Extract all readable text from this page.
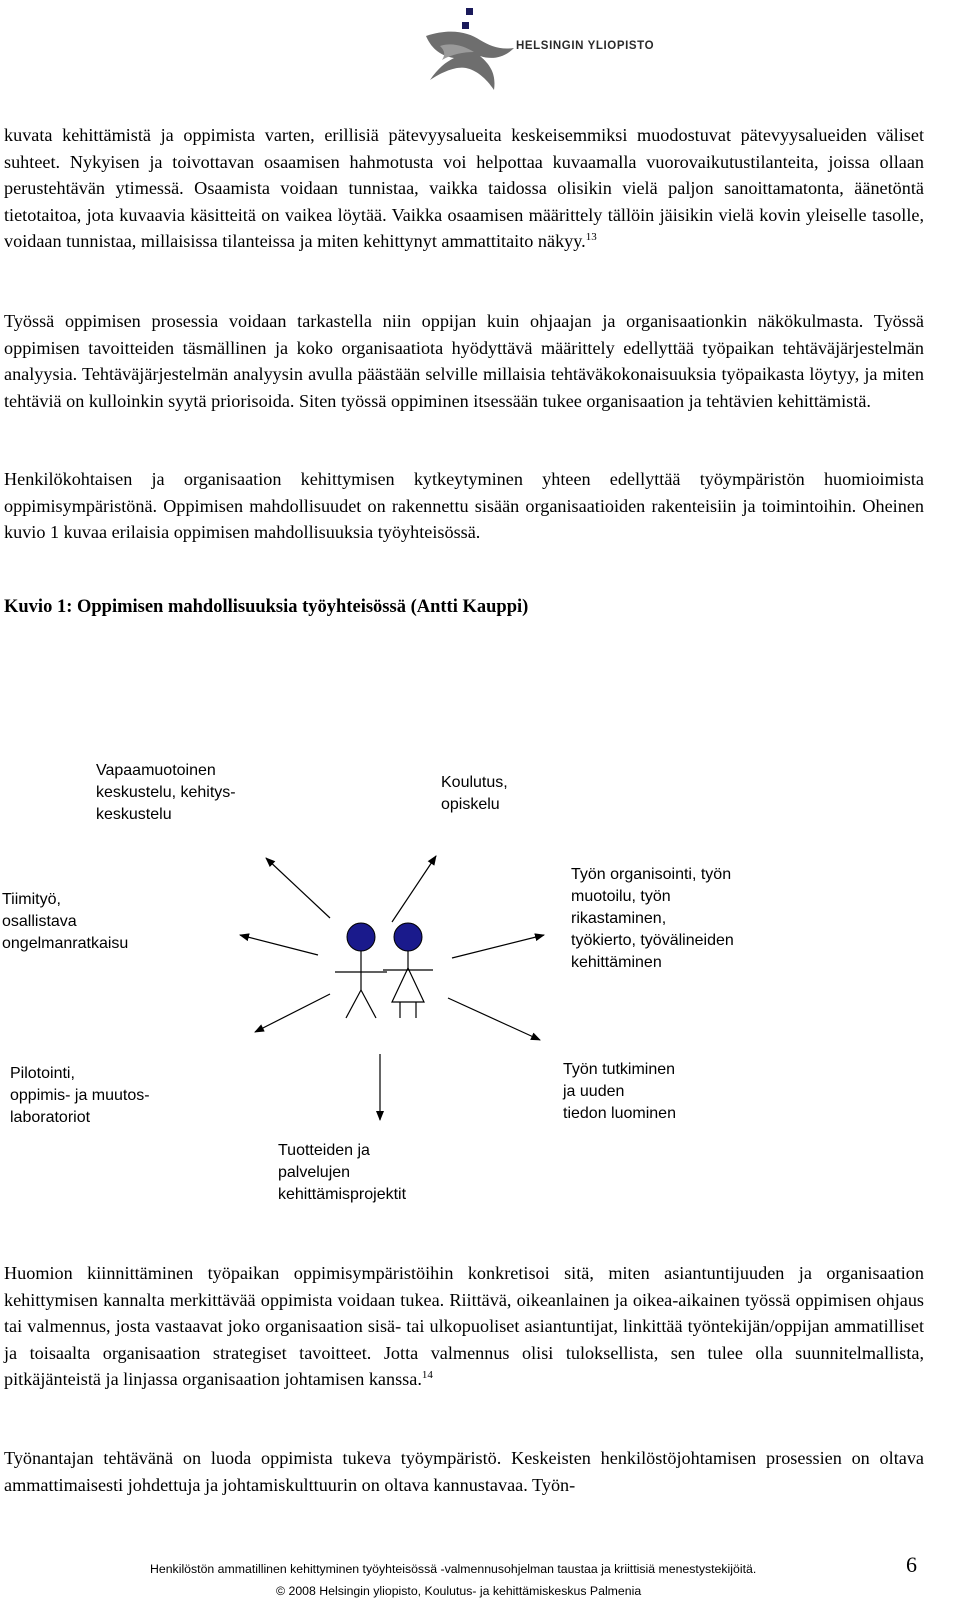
HELSINGIN YLIOPISTO

kuvata kehittämistä ja oppimista varten, erillisiä pätevyysalueita keskeisemmiksi muodostuvat pätevyysalueiden väliset suhteet. Nykyisen ja toivottavan osaamisen hahmotusta voi helpottaa kuvaamalla vuorovaikutustilanteita, joissa ollaan perustehtävän ytimessä. Osaamista voidaan tunnistaa, vaikka taidossa olisikin vielä paljon sanoittamatonta, äänetöntä tietotaitoa, jota kuvaavia käsitteitä on vaikea löytää. Vaikka osaamisen määrittely tällöin jäisikin vielä kovin yleiselle tasolle, voidaan tunnistaa, millaisissa tilanteissa ja miten kehittynyt ammattitaito näkyy.$^{13}$

Työssä oppimisen prosessia voidaan tarkastella niin oppijan kuin ohjaajan ja organisaationkin näkökulmasta. Työssä oppimisen tavoitteiden täsmällinen ja koko organisaatiota hyödyttävä määrittely edellyttää työpaikan tehtäväjärjestelmän analyysia. Tehtäväjärjestelmän analyysin avulla päästään selville millaisia tehtäväkokonaisuuksia työpaikasta löytyy, ja miten tehtäviä on kulloinkin syytä priorisoida. Siten työssä oppiminen itsessään tukee organisaation ja tehtävien kehittämistä.

Henkilökohtaisen ja organisaation kehittymisen kytkeytyminen yhteen edellyttää työympäristön huomioimista oppimisympäristönä. Oppimisen mahdollisuudet on rakennettu sisään organisaatioiden rakenteisiin ja toimintoihin. Oheinen kuvio 1 kuvaa erilaisia oppimisen mahdollisuuksia työyhteisössä.

Kuvio 1: Oppimisen mahdollisuuksia työyhteisössä (Antti Kauppi)

Vapaamuotoinen
keskustelu, kehitys-
keskustelu

Koulutus,
opiskelu

Tiimityö,
osallistava
ongelmanratkaisu

Työn organisointi, työn
muotoilu, työn
rikastaminen,
työkierto, työvälineiden
kehittäminen

Pilotointi,
oppimis- ja muutos-
laboratoriot

Työn tutkiminen
ja uuden
tiedon luominen

Tuotteiden ja
palvelujen
kehittämisprojektit

Huomion kiinnittäminen työpaikan oppimisympäristöihin konkretisoi sitä, miten asiantuntijuuden ja organisaation kehittymisen kannalta merkittävää oppimista voidaan tukea. Riittävä, oikeanlainen ja oikea-aikainen työssä oppimisen ohjaus tai valmennus, josta vastaavat joko organisaation sisä- tai ulkopuoliset asiantuntijat, linkittää työntekijän/oppijan ammatilliset ja toisaalta organisaation strategiset tavoitteet. Jotta valmennus olisi tuloksellista, sen tulee olla suunnitelmallista, pitkäjänteistä ja linjassa organisaation johtamisen kanssa.$^{14}$

Työnantajan tehtävänä on luoda oppimista tukeva työympäristö. Keskeisten henkilöstöjohtamisen prosessien on oltava ammattimaisesti johdettuja ja johtamiskulttuurin on oltava kannustavaa. Työn-

Henkilöstön ammatillinen kehittyminen työyhteisössä -valmennusohjelman taustaa ja kriittisiä menestystekijöitä.
© 2008 Helsingin yliopisto, Koulutus- ja kehittämiskeskus Palmenia
6
